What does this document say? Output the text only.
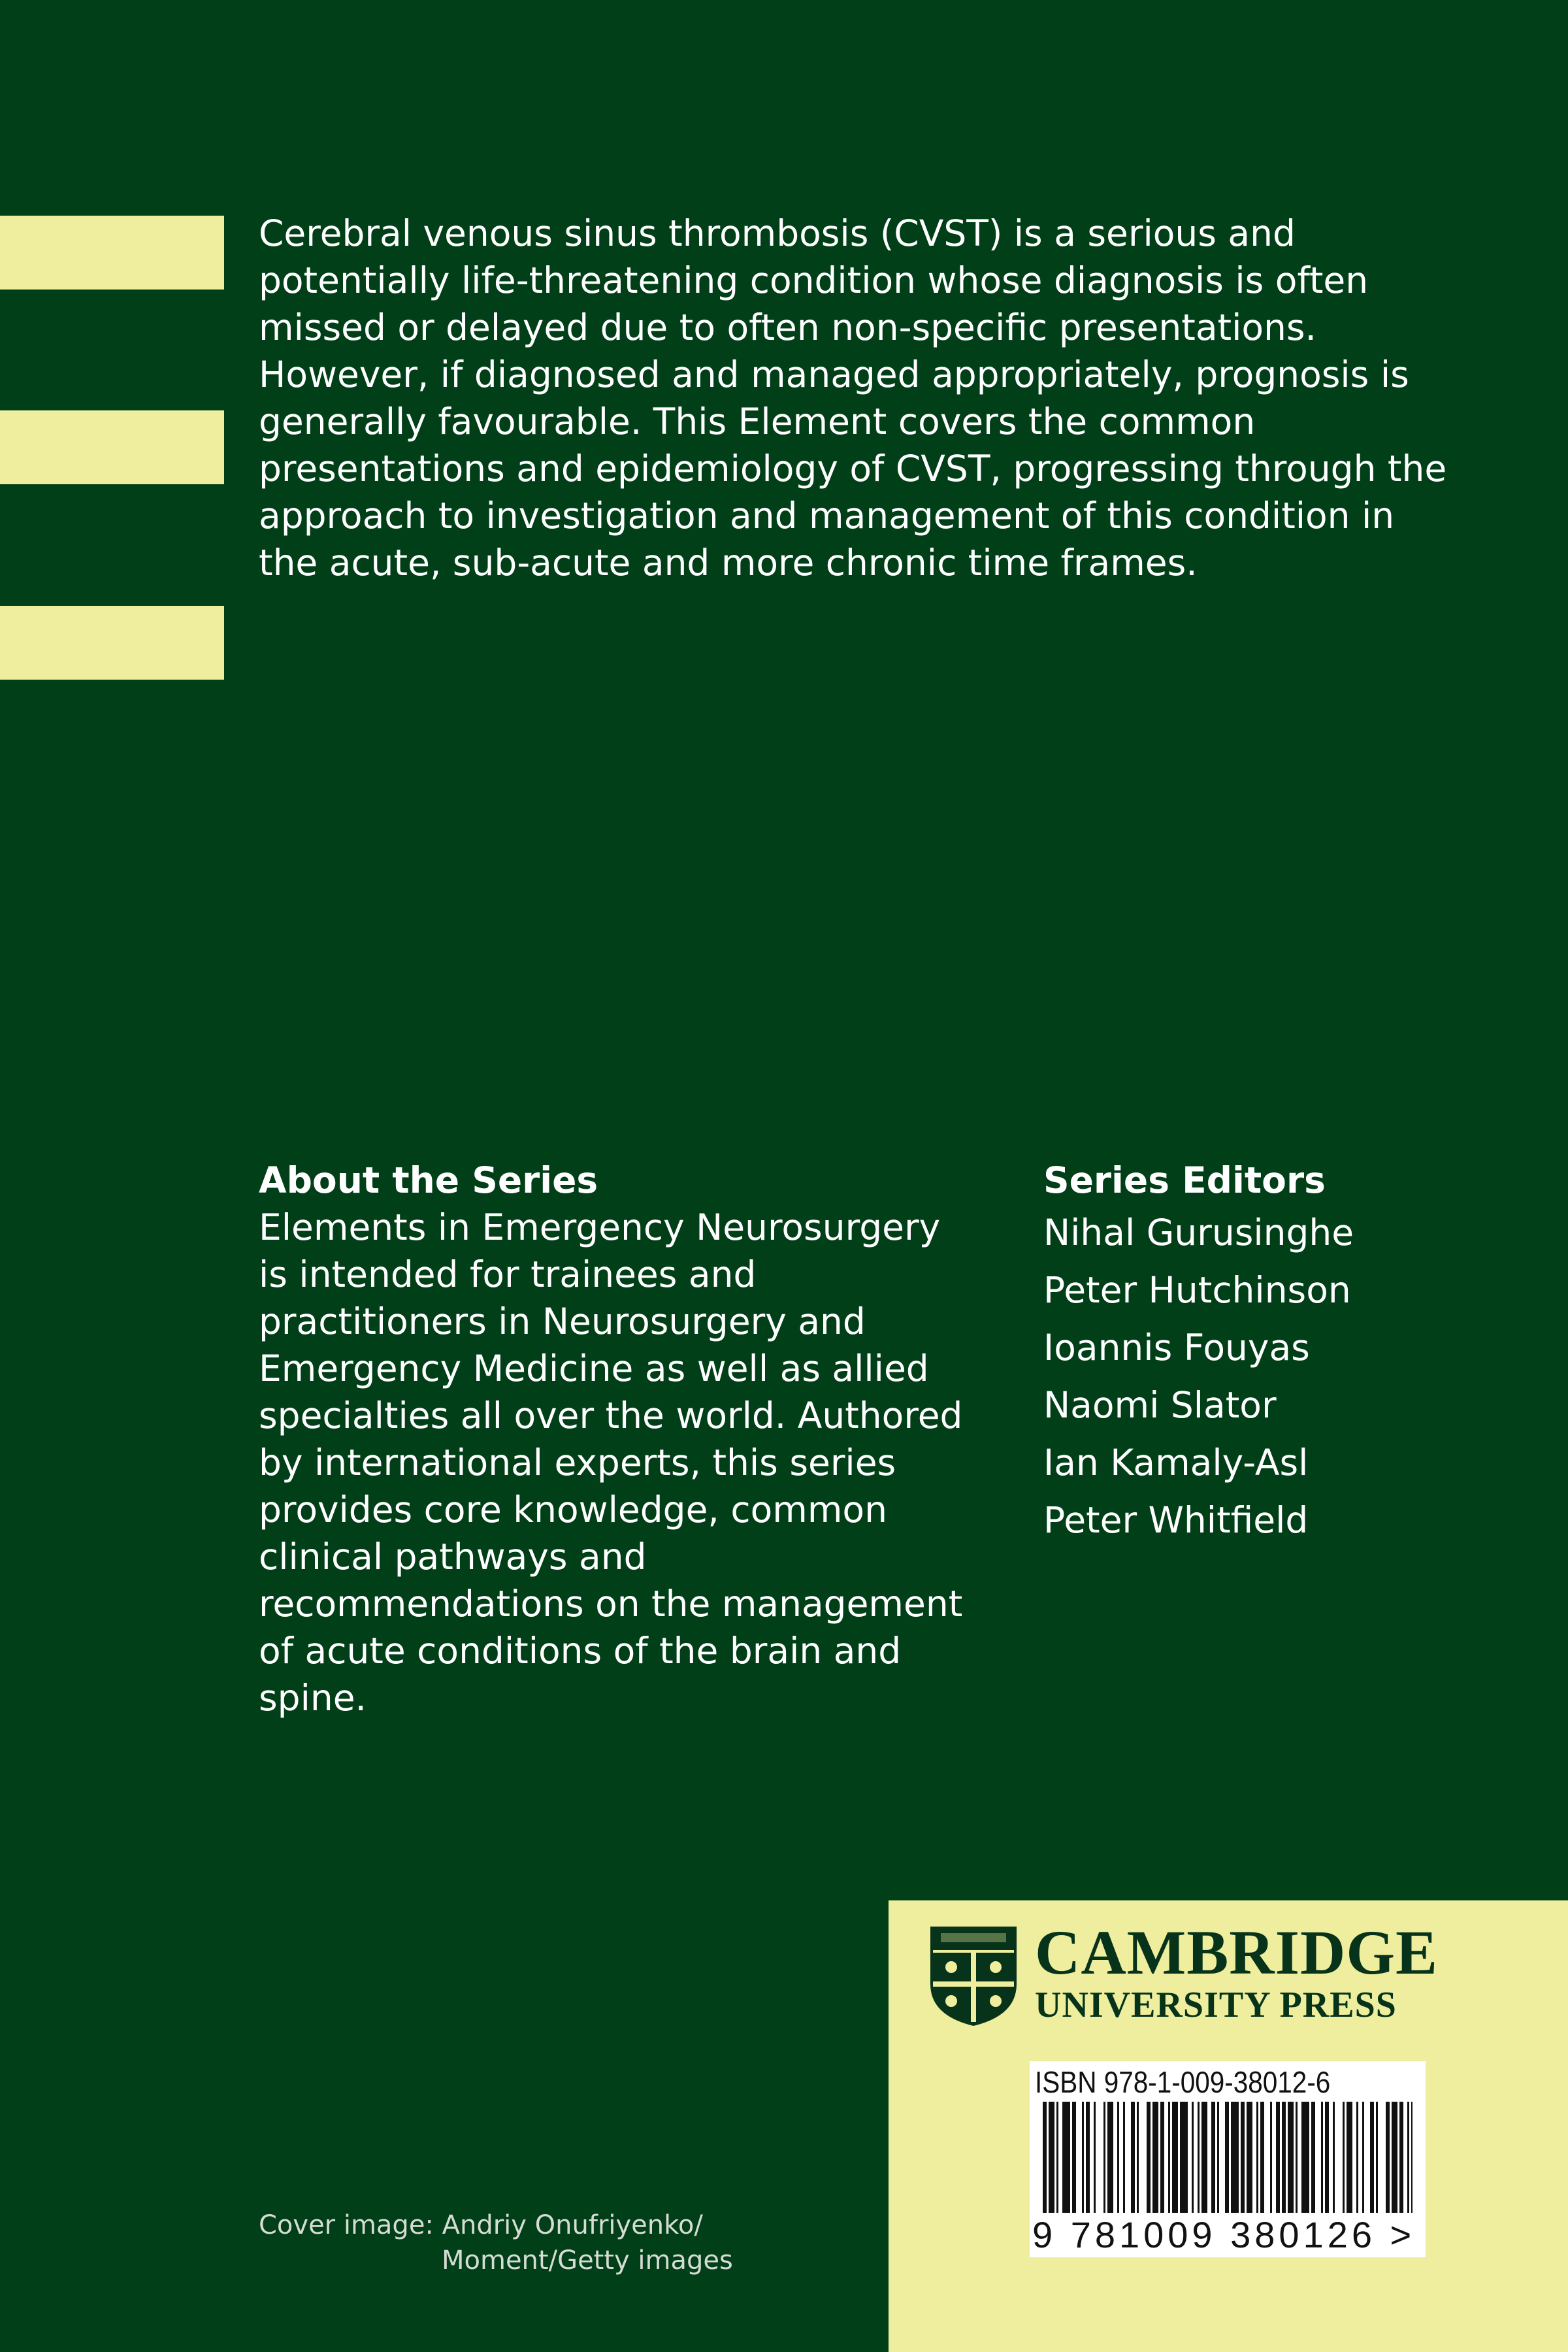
Cerebral venous sinus thrombosis (CVST) is a serious and potentially life-threatening condition whose diagnosis is often missed or delayed due to often non-specific presentations. However, if diagnosed and managed appropriately, prognosis is generally favourable. This Element covers the common presentations and epidemiology of CVST, progressing through the approach to investigation and management of this condition in the acute, sub-acute and more chronic time frames.

About the Series

Elements in Emergency Neurosurgery is intended for trainees and practitioners in Neurosurgery and Emergency Medicine as well as allied specialties all over the world. Authored by international experts, this series provides core knowledge, common clinical pathways and recommendations on the management of acute conditions of the brain and spine.

Series Editors
Nihal Gurusinghe
Peter Hutchinson
Ioannis Fouyas
Naomi Slator
Ian Kamaly-Asl
Peter Whitfield
Cover image: Andriy Onufriyenko/
Moment/Getty images
CAMBRIDGE
UNIVERSITY PRESS
ISBN 978-1-009-38012-6
9 781009 380126 >
